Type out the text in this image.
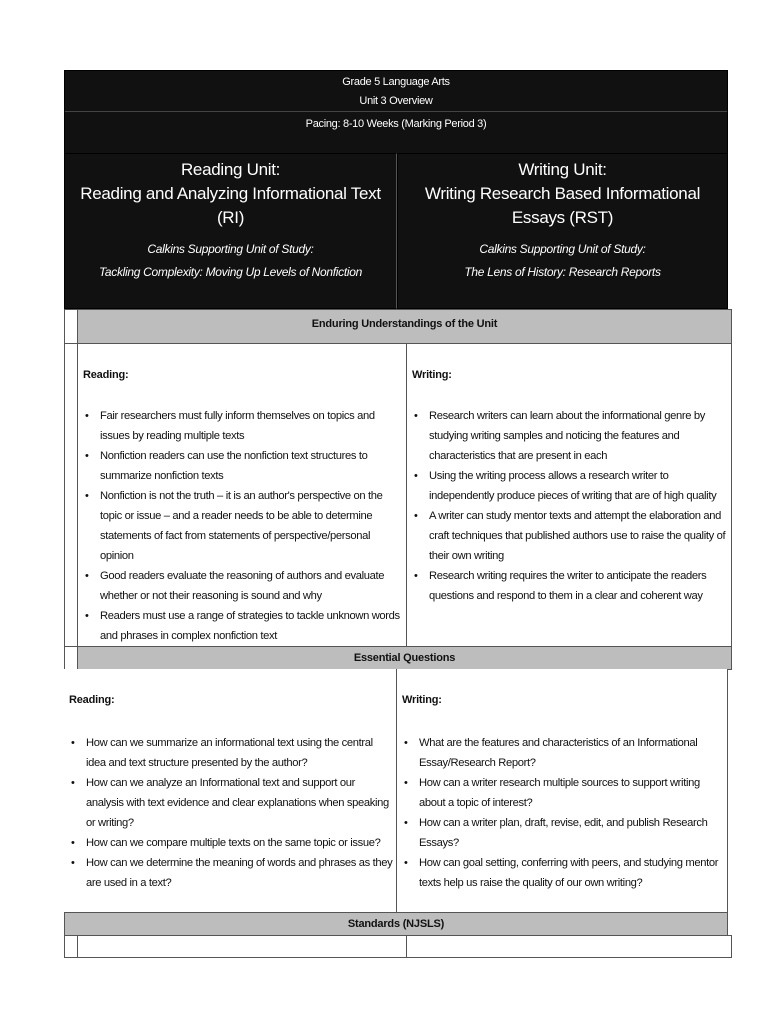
Grade 5 Language Arts
Unit 3 Overview
Pacing: 8-10 Weeks (Marking Period 3)
Reading Unit:
Reading and Analyzing Informational Text (RI)
Calkins Supporting Unit of Study:
Tackling Complexity: Moving Up Levels of Nonfiction
Writing Unit:
Writing Research Based Informational Essays (RST)
Calkins Supporting Unit of Study:
The Lens of History: Research Reports
Enduring Understandings of the Unit
Reading:
• Fair researchers must fully inform themselves on topics and issues by reading multiple texts
• Nonfiction readers can use the nonfiction text structures to summarize nonfiction texts
• Nonfiction is not the truth – it is an author's perspective on the topic or issue – and a reader needs to be able to determine statements of fact from statements of perspective/personal opinion
• Good readers evaluate the reasoning of authors and evaluate whether or not their reasoning is sound and why
• Readers must use a range of strategies to tackle unknown words and phrases in complex nonfiction text
Writing:
• Research writers can learn about the informational genre by studying writing samples and noticing the features and characteristics that are present in each
• Using the writing process allows a research writer to independently produce pieces of writing that are of high quality
• A writer can study mentor texts and attempt the elaboration and craft techniques that published authors use to raise the quality of their own writing
• Research writing requires the writer to anticipate the readers questions and respond to them in a clear and coherent way
Essential Questions
Reading:
• How can we summarize an informational text using the central idea and text structure presented by the author?
• How can we analyze an Informational text and support our analysis with text evidence and clear explanations when speaking or writing?
• How can we compare multiple texts on the same topic or issue?
• How can we determine the meaning of words and phrases as they are used in a text?
Writing:
• What are the features and characteristics of an Informational Essay/Research Report?
• How can a writer research multiple sources to support writing about a topic of interest?
• How can a writer plan, draft, revise, edit, and publish Research Essays?
• How can goal setting, conferring with peers, and studying mentor texts help us raise the quality of our own writing?
Standards (NJSLS)
